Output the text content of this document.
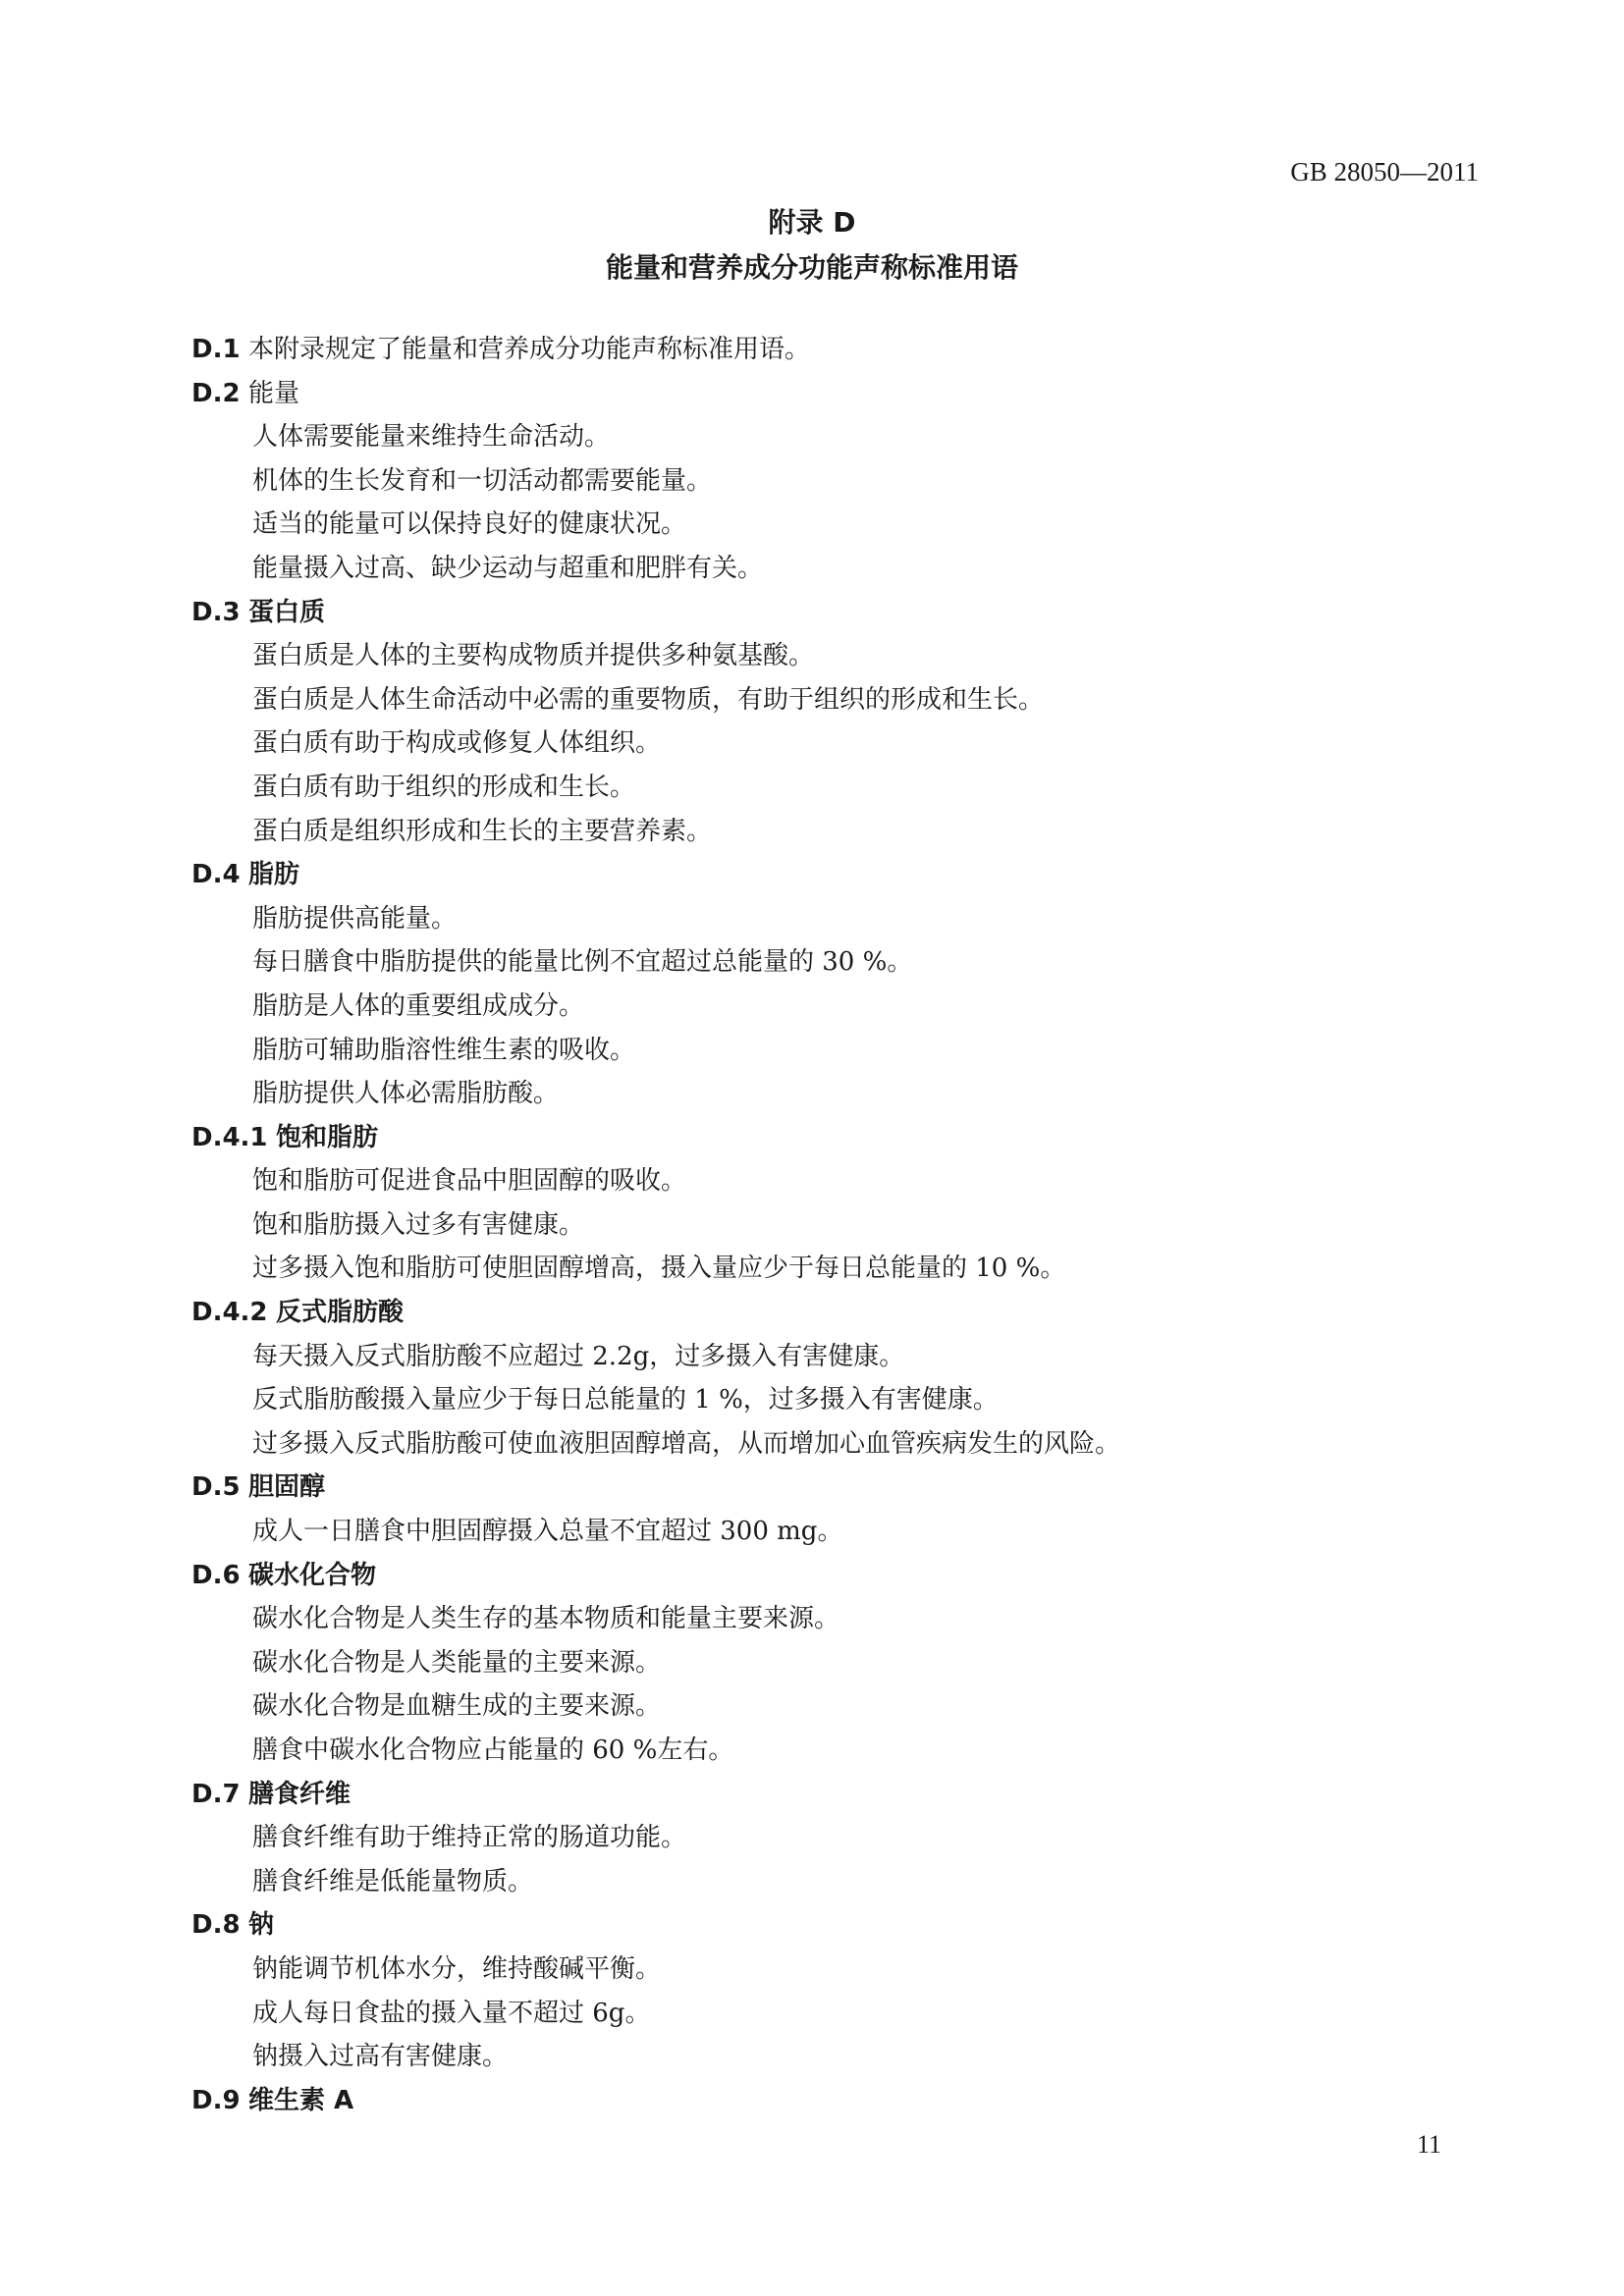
GB 28050—2011
附录 D
能量和营养成分功能声称标准用语
D.1 本附录规定了能量和营养成分功能声称标准用语。
D.2 能量
人体需要能量来维持生命活动。
机体的生长发育和一切活动都需要能量。
适当的能量可以保持良好的健康状况。
能量摄入过高、缺少运动与超重和肥胖有关。
D.3 蛋白质
蛋白质是人体的主要构成物质并提供多种氨基酸。
蛋白质是人体生命活动中必需的重要物质，有助于组织的形成和生长。
蛋白质有助于构成或修复人体组织。
蛋白质有助于组织的形成和生长。
蛋白质是组织形成和生长的主要营养素。
D.4 脂肪
脂肪提供高能量。
每日膳食中脂肪提供的能量比例不宜超过总能量的 30 %。
脂肪是人体的重要组成成分。
脂肪可辅助脂溶性维生素的吸收。
脂肪提供人体必需脂肪酸。
D.4.1 饱和脂肪
饱和脂肪可促进食品中胆固醇的吸收。
饱和脂肪摄入过多有害健康。
过多摄入饱和脂肪可使胆固醇增高，摄入量应少于每日总能量的 10 %。
D.4.2 反式脂肪酸
每天摄入反式脂肪酸不应超过 2.2g，过多摄入有害健康。
反式脂肪酸摄入量应少于每日总能量的 1 %，过多摄入有害健康。
过多摄入反式脂肪酸可使血液胆固醇增高，从而增加心血管疾病发生的风险。
D.5 胆固醇
成人一日膳食中胆固醇摄入总量不宜超过 300 mg。
D.6 碳水化合物
碳水化合物是人类生存的基本物质和能量主要来源。
碳水化合物是人类能量的主要来源。
碳水化合物是血糖生成的主要来源。
膳食中碳水化合物应占能量的 60 %左右。
D.7 膳食纤维
膳食纤维有助于维持正常的肠道功能。
膳食纤维是低能量物质。
D.8 钠
钠能调节机体水分，维持酸碱平衡。
成人每日食盐的摄入量不超过 6g。
钠摄入过高有害健康。
D.9 维生素 A
11
